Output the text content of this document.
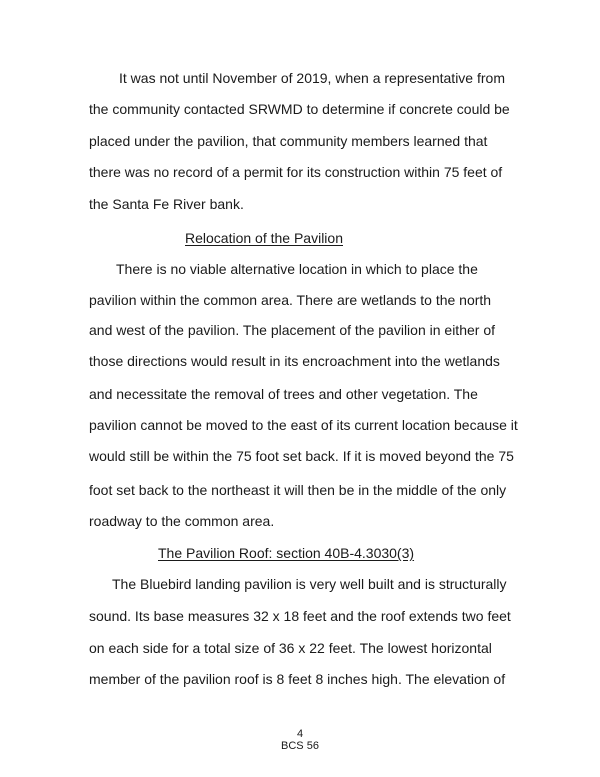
It was not until November of 2019, when a representative from
the community contacted SRWMD to determine if concrete could be
placed under the pavilion, that community members learned that
there was no record of a permit for its construction within 75 feet of
the Santa Fe River bank.
Relocation of the Pavilion
There is no viable alternative location in which to place the
pavilion within the common area. There are wetlands to the north
and west of the pavilion. The placement of the pavilion in either of
those directions would result in its encroachment into the wetlands
and necessitate the removal of trees and other vegetation. The
pavilion cannot be moved to the east of its current location because it
would still be within the 75 foot set back. If it is moved beyond the 75
foot set back to the northeast it will then be in the middle of the only
roadway to the common area.
The Pavilion Roof: section 40B-4.3030(3)
The Bluebird landing pavilion is very well built and is structurally
sound. Its base measures 32 x 18 feet and the roof extends two feet
on each side for a total size of 36 x 22 feet. The lowest horizontal
member of the pavilion roof is 8 feet 8 inches high. The elevation of
4
BCS 56
